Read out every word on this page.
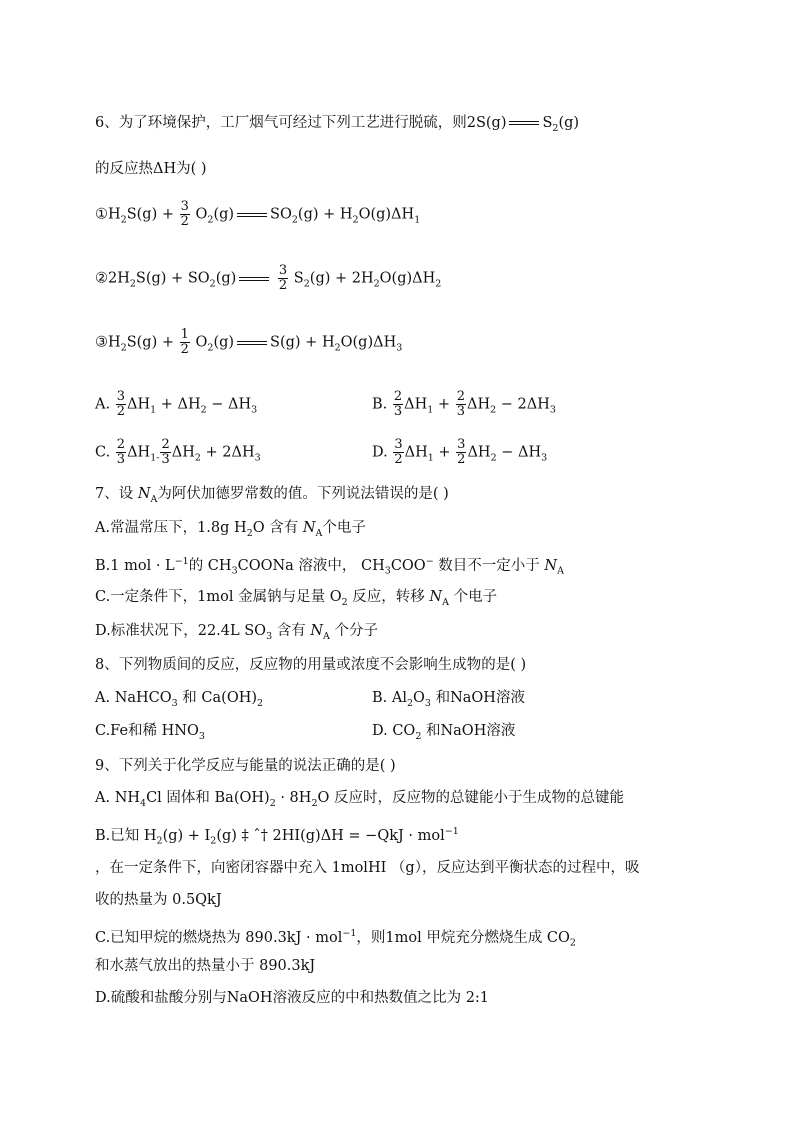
6、为了环境保护，工厂烟气可经过下列工艺进行脱硫，则2S(g) $S_2(g)$
的反应热ΔH为( )
$①H_2S(g) + \frac{3}{2} O_2(g) SO_2(g) + H_2O(g)\Delta H_1$
$②2H_2S(g) + SO_2(g)$	$\frac{3}{2} S_2(g) + 2H_2O(g)\Delta H_2$
$③H_2S(g) + \frac{1}{2} O_2(g) S(g) + H_2O(g)\Delta H_3$
A. $\frac{3}{2} \Delta H_1 + \Delta H_2 - \Delta H_3$	B. $\frac{2}{3} \Delta H_1 + \frac{2}{3} \Delta H_2 - 2\Delta H_3$
C. $\frac{2}{3} \Delta H_{1-} \frac{2}{3} \Delta H_2 + 2\Delta H_3$	D. $\frac{3}{2} \Delta H_1 + \frac{3}{2} \Delta H_2 - \Delta H_3$
7、设 $N_A$为阿伏加德罗常数的值。下列说法错误的是( )
A.常温常压下，1.8g $H_2O$ 含有 $N_A$个电子
B.1 mol · $L^{-1}$的 $CH_3COONa$ 溶液中， $CH_3COO^-$ 数目不一定小于 $N_A$
C.一定条件下，1mol 金属钠与足量 $O_2$ 反应，转移 $N_A$ 个电子
D.标准状况下，22.4L $SO_3$ 含有 $N_A$ 个分子
8、下列物质间的反应，反应物的用量或浓度不会影响生成物的是( )
A. NaHCO$_3$ 和 $Ca(OH)_2$	B. $Al_2O_3$ 和NaOH溶液
C.Fe和稀 $HNO_3$	D. $CO_2$ 和NaOH溶液
9、下列关于化学反应与能量的说法正确的是( )
A. $NH_4Cl$ 固体和 $Ba(OH)_2 \cdot 8H_2O$ 反应时，反应物的总键能小于生成物的总键能
B.已知 $H_2(g) + I_2(g)$ ‡ ˆ† 2HI(g)ΔH = −QkJ · mol$^{-1}$
，在一定条件下，向密闭容器中充入 1molHI （g），反应达到平衡状态的过程中，吸
收的热量为 0.5QkJ
C.已知甲烷的燃烧热为 890.3kJ · mol$^{-1}$，则1mol 甲烷充分燃烧生成 $CO_2$
和水蒸气放出的热量小于 890.3kJ
D.硫酸和盐酸分别与NaOH溶液反应的中和热数值之比为 2:1
